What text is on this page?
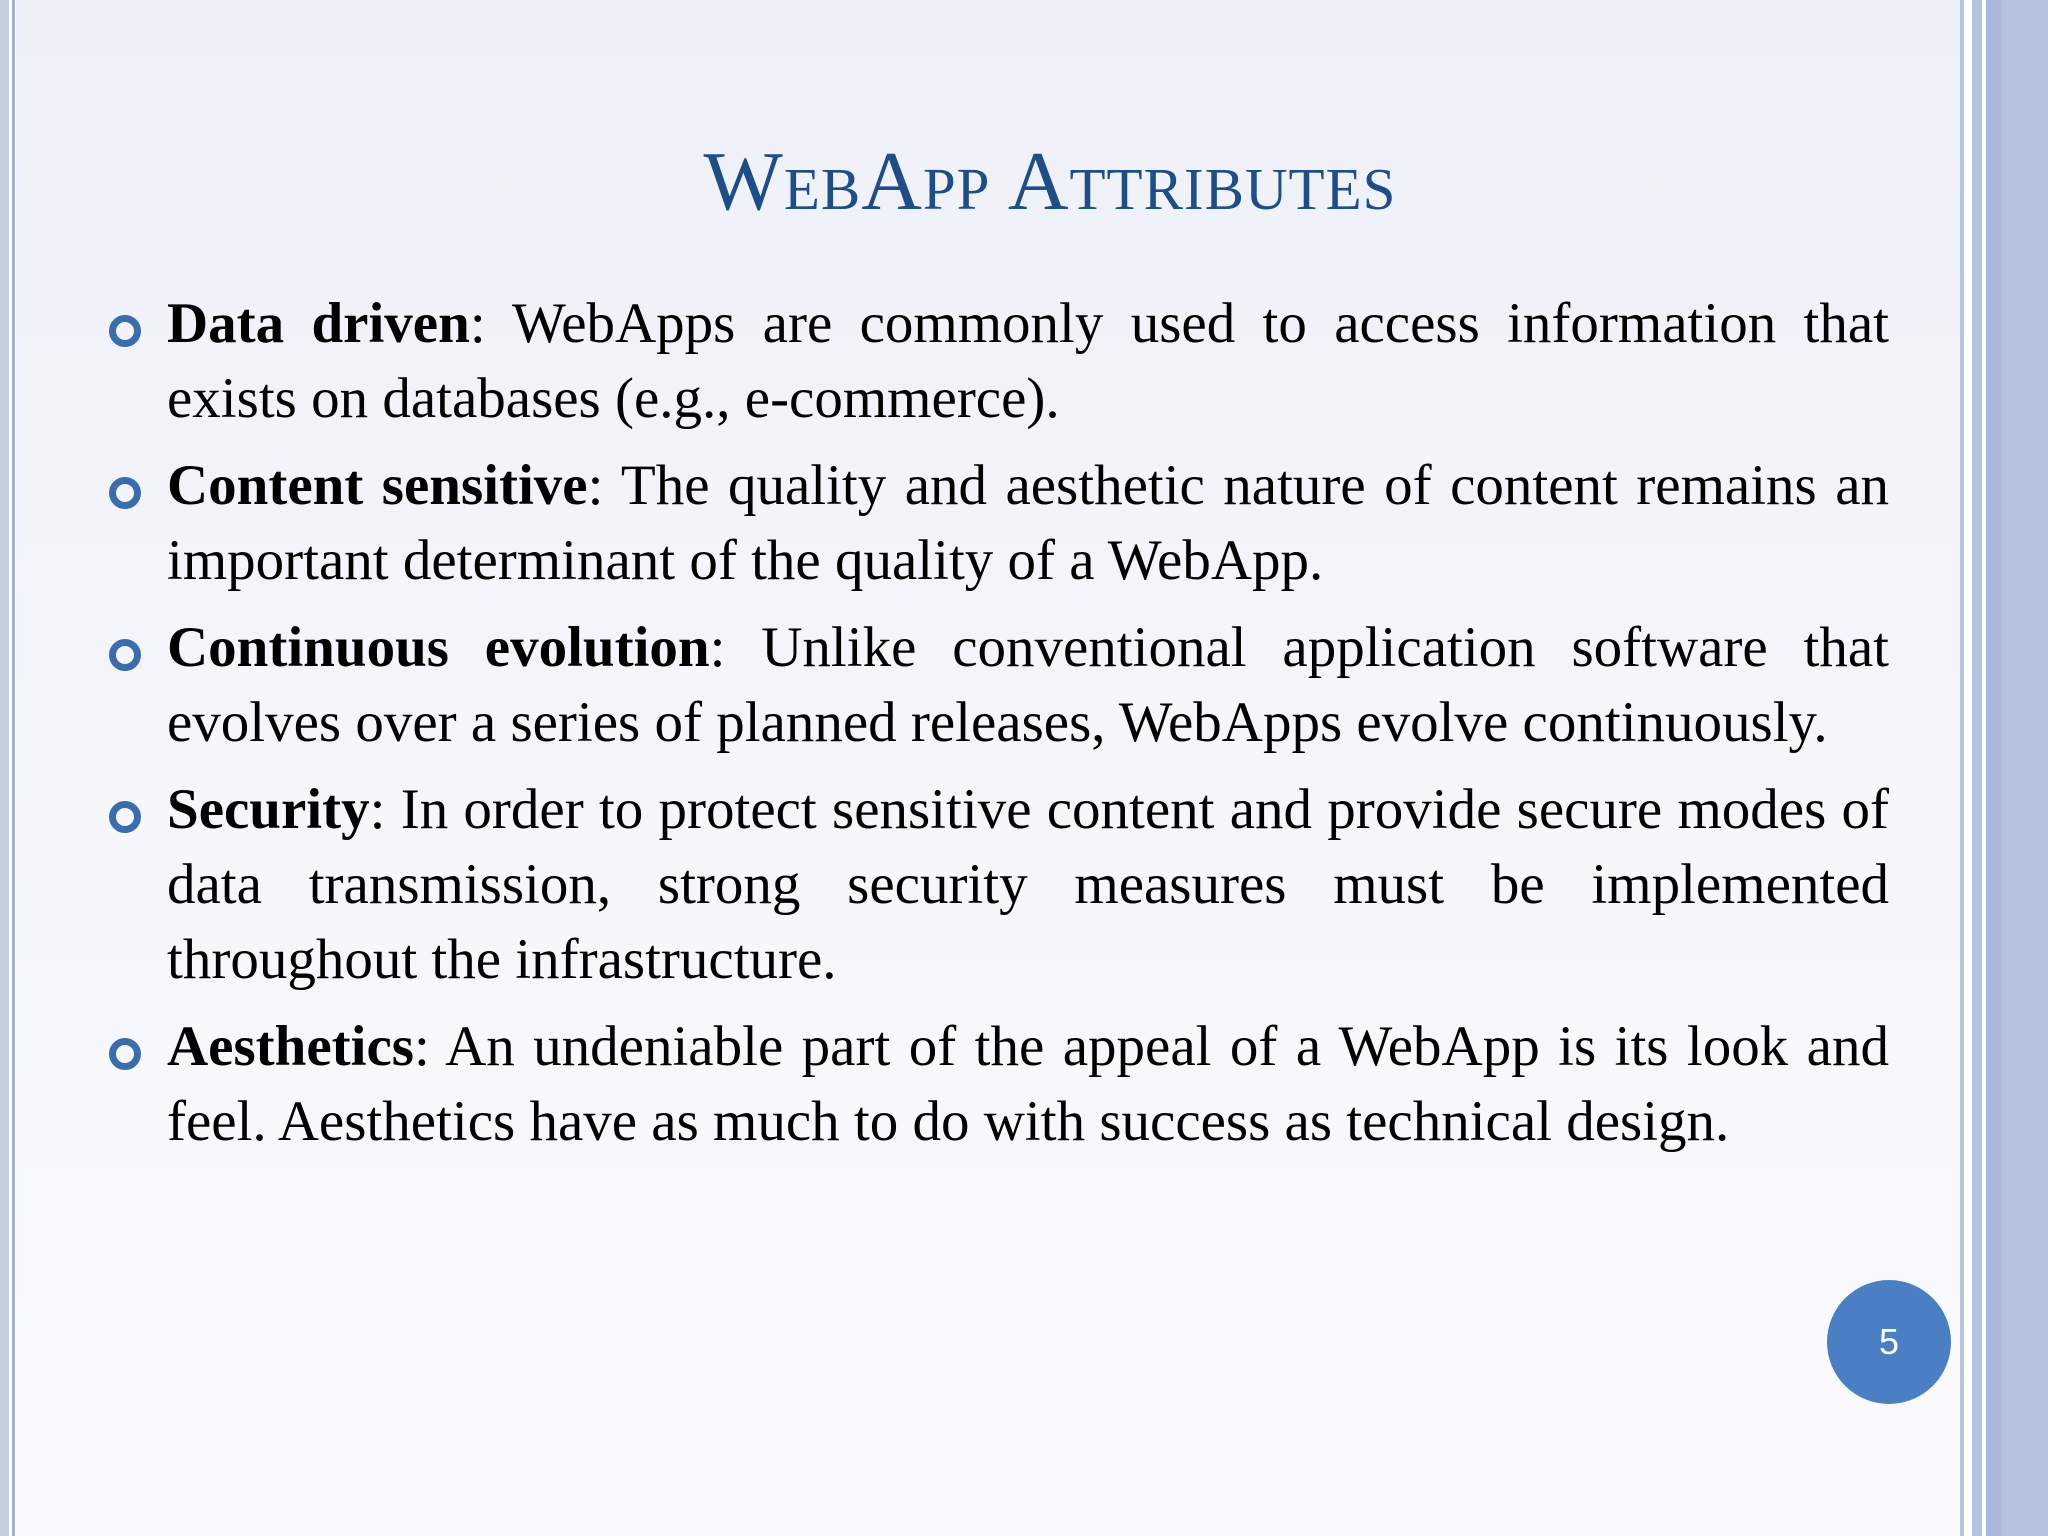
WebApp Attributes
Data driven: WebApps are commonly used to access information that exists on databases (e.g., e-commerce).
Content sensitive: The quality and aesthetic nature of content remains an important determinant of the quality of a WebApp.
Continuous evolution: Unlike conventional application software that evolves over a series of planned releases, WebApps evolve continuously.
Security: In order to protect sensitive content and provide secure modes of data transmission, strong security measures must be implemented throughout the infrastructure.
Aesthetics: An undeniable part of the appeal of a WebApp is its look and feel. Aesthetics have as much to do with success as technical design.
5
